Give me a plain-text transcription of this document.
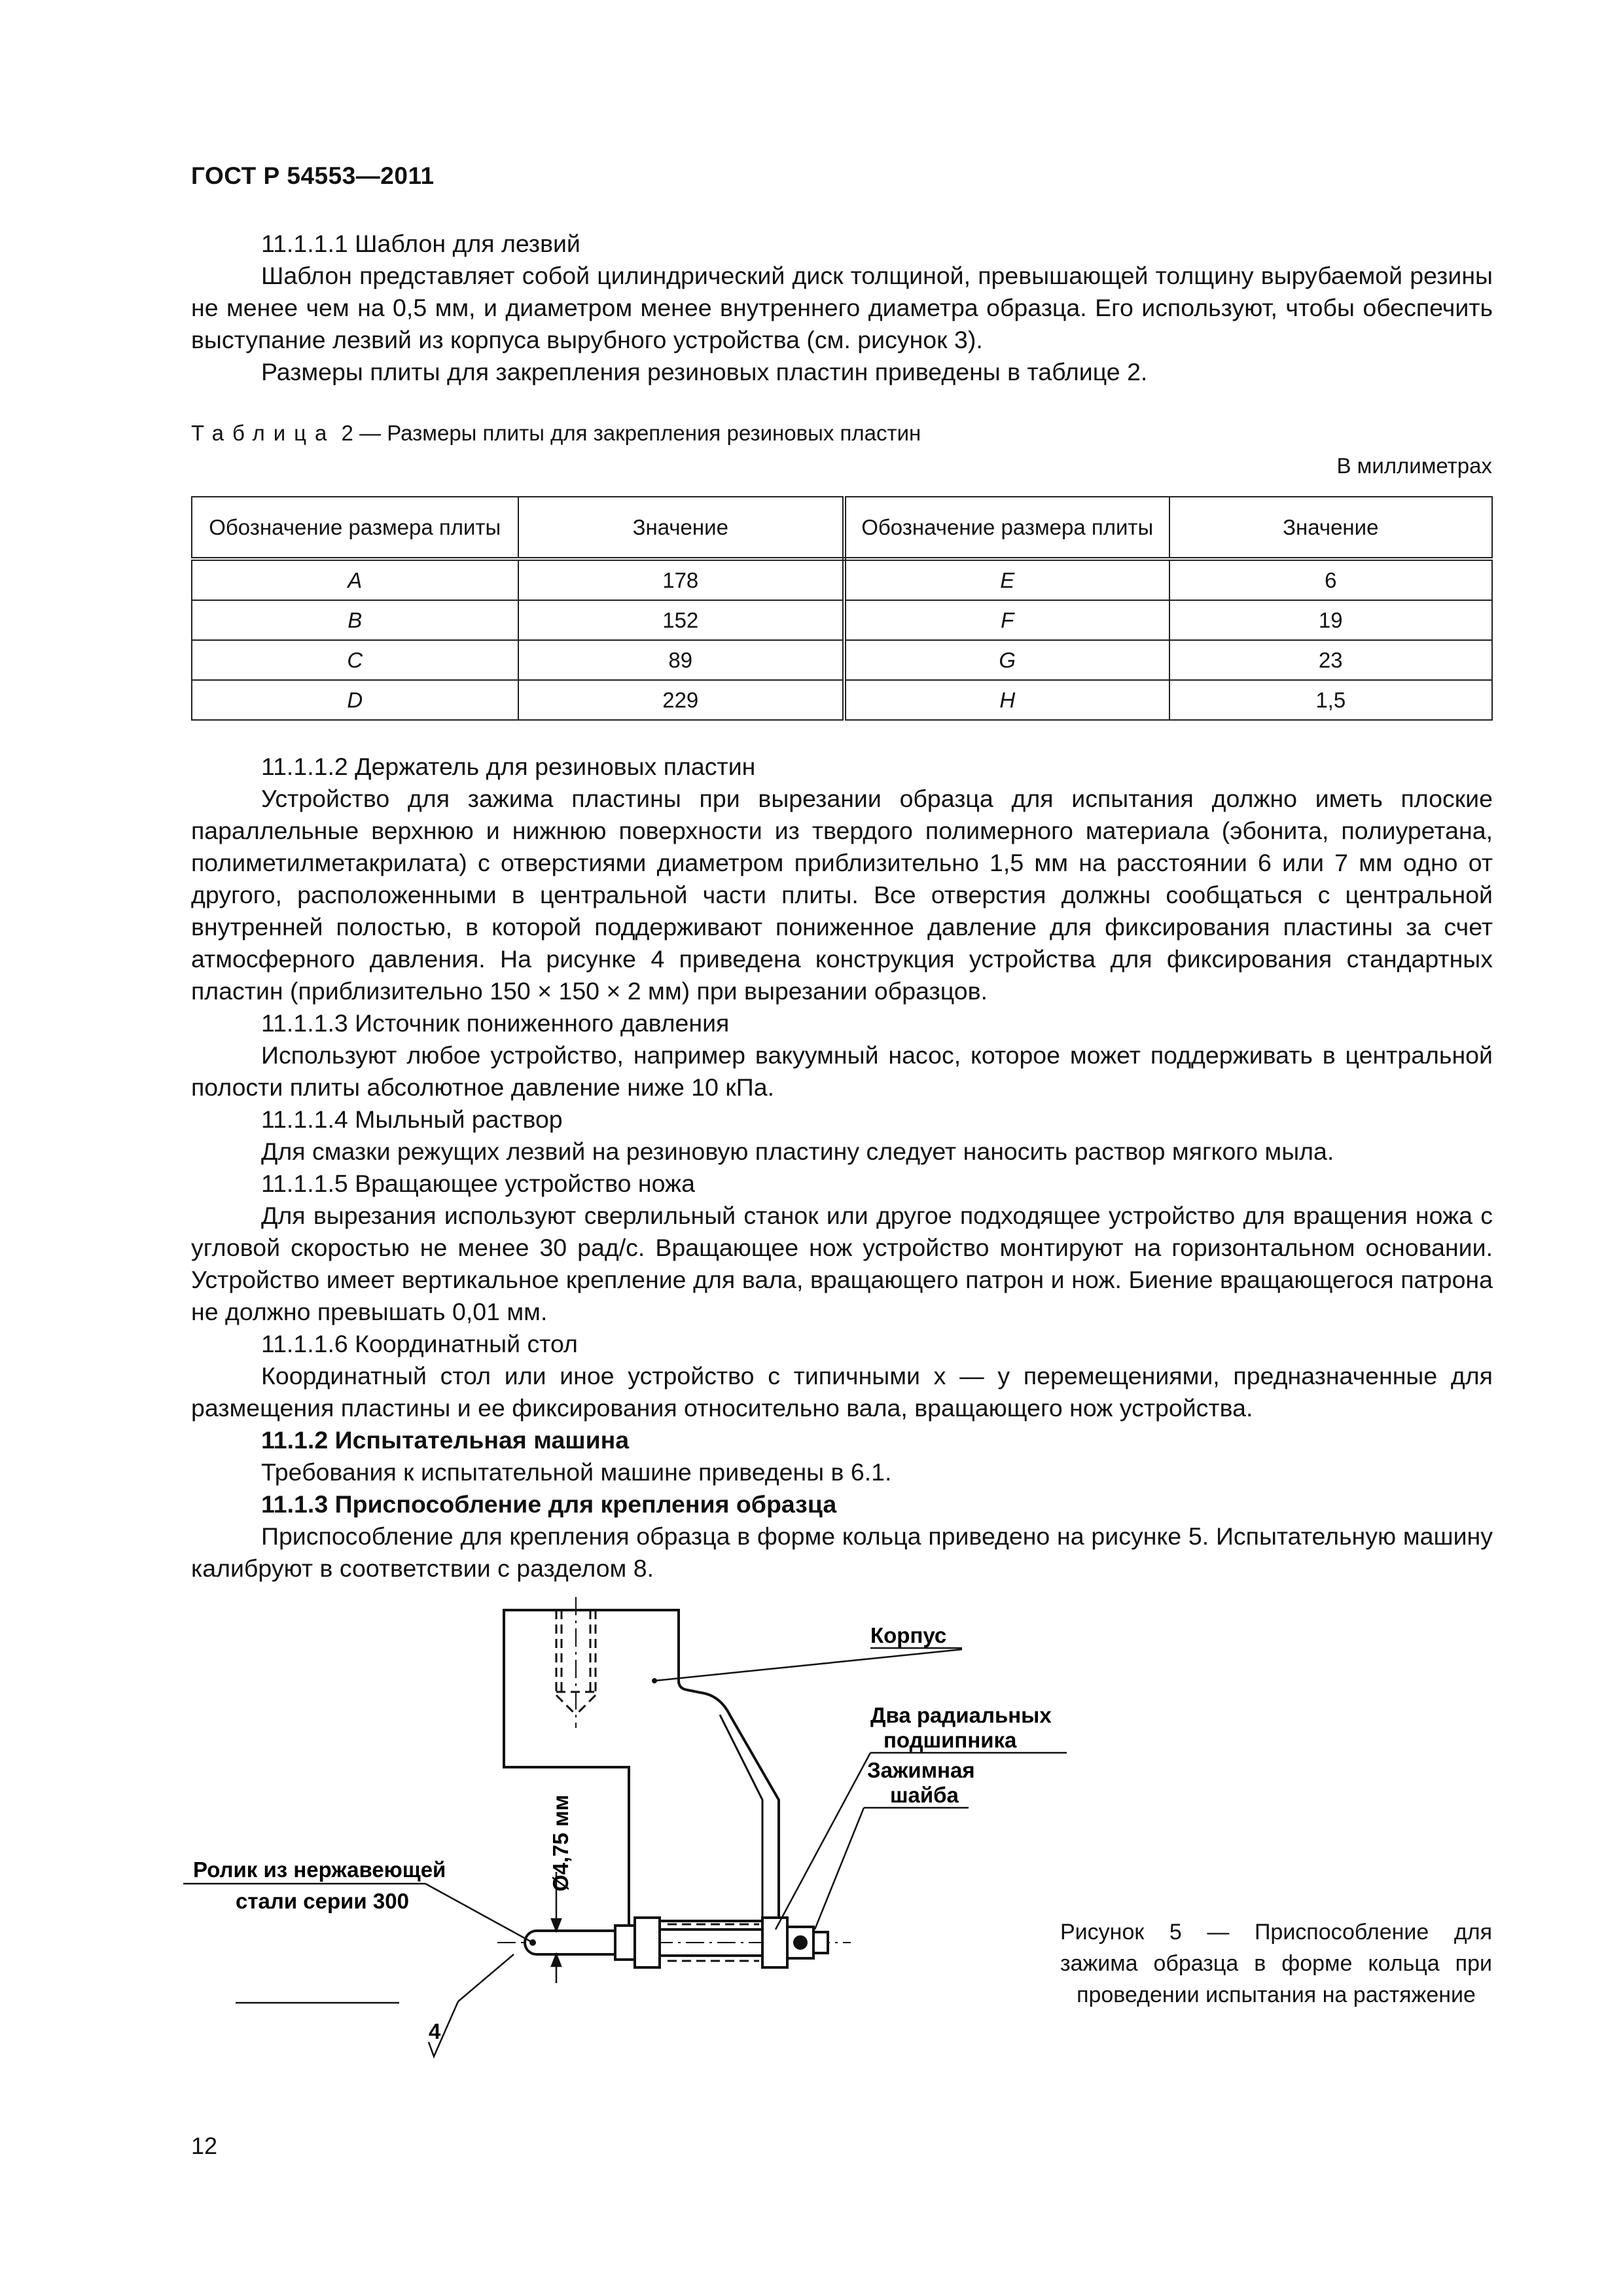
ГОСТ Р 54553—2011

11.1.1.1 Шаблон для лезвий

Шаблон представляет собой цилиндрический диск толщиной, превышающей толщину вырубаемой резины не менее чем на 0,5 мм, и диаметром менее внутреннего диаметра образца. Его используют, чтобы обеспечить выступание лезвий из корпуса вырубного устройства (см. рисунок 3).

Размеры плиты для закрепления резиновых пластин приведены в таблице 2.

Таблица 2 — Размеры плиты для закрепления резиновых пластин
В миллиметрах
Обозначение размера плиты	Значение	Обозначение размера плиты	Значение
A	178	E	6
B	152	F	19
C	89	G	23
D	229	H	1,5

11.1.1.2 Держатель для резиновых пластин

Устройство для зажима пластины при вырезании образца для испытания должно иметь плоские параллельные верхнюю и нижнюю поверхности из твердого полимерного материала (эбонита, полиуретана, полиметилметакрилата) с отверстиями диаметром приблизительно 1,5 мм на расстоянии 6 или 7 мм одно от другого, расположенными в центральной части плиты. Все отверстия должны сообщаться с центральной внутренней полостью, в которой поддерживают пониженное давление для фиксирования пластины за счет атмосферного давления. На рисунке 4 приведена конструкция устройства для фиксирования стандартных пластин (приблизительно 150 × 150 × 2 мм) при вырезании образцов.

11.1.1.3 Источник пониженного давления

Используют любое устройство, например вакуумный насос, которое может поддерживать в центральной полости плиты абсолютное давление ниже 10 кПа.

11.1.1.4 Мыльный раствор

Для смазки режущих лезвий на резиновую пластину следует наносить раствор мягкого мыла.

11.1.1.5 Вращающее устройство ножа

Для вырезания используют сверлильный станок или другое подходящее устройство для вращения ножа с угловой скоростью не менее 30 рад/с. Вращающее нож устройство монтируют на горизонтальном основании. Устройство имеет вертикальное крепление для вала, вращающего патрон и нож. Биение вращающегося патрона не должно превышать 0,01 мм.

11.1.1.6 Координатный стол

Координатный стол или иное устройство с типичными x — y перемещениями, предназначенные для размещения пластины и ее фиксирования относительно вала, вращающего нож устройства.

11.1.2 Испытательная машина

Требования к испытательной машине приведены в 6.1.

11.1.3 Приспособление для крепления образца

Приспособление для крепления образца в форме кольца приведено на рисунке 5. Испытательную машину калибруют в соответствии с разделом 8.

Ø4,75 мм
Корпус
Два радиальных
подшипника
Зажимная
шайба
Ролик из нержавеющей
стали серии 300
4
Рисунок 5 — Приспособление для зажима образца в форме кольца при проведении испытания на растяжение
12
